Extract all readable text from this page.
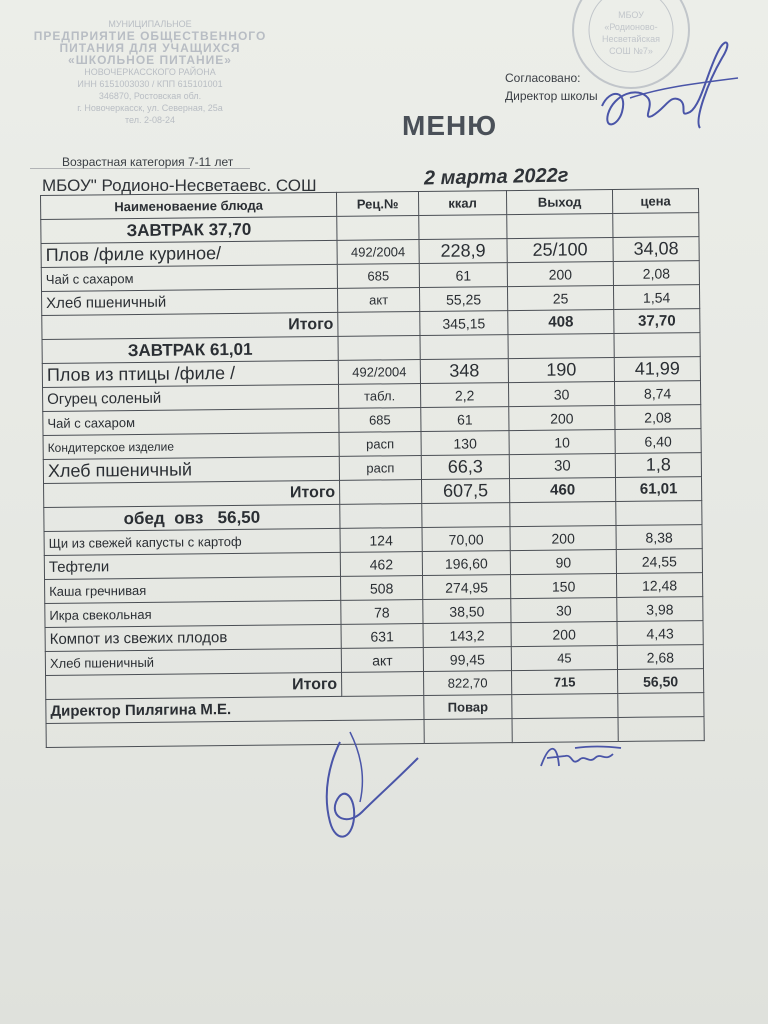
МУНИЦИПАЛЬНОЕ
ПРЕДПРИЯТИЕ ОБЩЕСТВЕННОГО
ПИТАНИЯ ДЛЯ УЧАЩИХСЯ
«ШКОЛЬНОЕ ПИТАНИЕ»
НОВОЧЕРКАССКОГО РАЙОНА
ИНН 6151003030 / КПП 615101001
346870, Ростовская обл.
г. Новочеркасск, ул. Северная, 25а
тел. 2-08-24
МБОУ
«Родионово-
Несветайская
СОШ №7»
Согласовано:
Директор школы
МЕНЮ
Возрастная категория 7-11 лет
МБОУ" Родионо-Несветаевс. СОШ	2 марта 2022г
Наименоваение блюда	Рец.№	ккал	Выход	цена
ЗАВТРАК 37,70				
Плов /филе куриное/	492/2004	228,9	25/100	34,08
Чай с сахаром	685	61	200	2,08
Хлеб пшеничный	акт	55,25	25	1,54
Итого		345,15	408	37,70
ЗАВТРАК 61,01				
Плов из птицы /филе /	492/2004	348	190	41,99
Огурец соленый	табл.	2,2	30	8,74
Чай с сахаром	685	61	200	2,08
Кондитерское изделие	расп	130	10	6,40
Хлеб пшеничный	расп	66,3	30	1,8
Итого		607,5	460	61,01
обед  овз   56,50				
Щи из свежей капусты с картоф	124	70,00	200	8,38
Тефтели	462	196,60	90	24,55
Каша гречнивая	508	274,95	150	12,48
Икра свекольная	78	38,50	30	3,98
Компот из свежих плодов	631	143,2	200	4,43
Хлеб пшеничный	акт	99,45	45	2,68
Итого		822,70	715	56,50
Директор Пилягина М.Е.		Повар		
